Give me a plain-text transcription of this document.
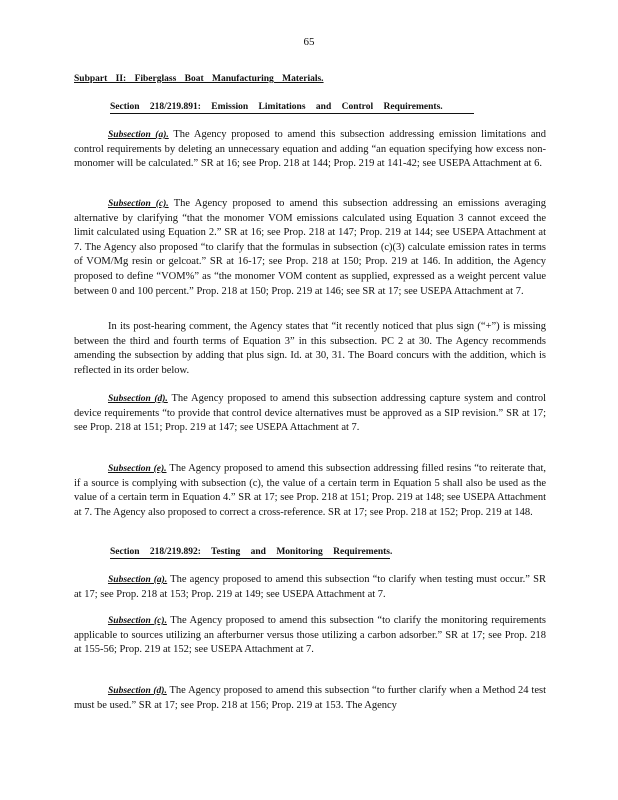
65
Subpart II: Fiberglass Boat Manufacturing Materials.
Section 218/219.891: Emission Limitations and Control Requirements.
Subsection (a). The Agency proposed to amend this subsection addressing emission limitations and control requirements by deleting an unnecessary equation and adding “an equation specifying how excess non-monomer will be calculated.” SR at 16; see Prop. 218 at 144; Prop. 219 at 141-42; see USEPA Attachment at 6.
Subsection (c). The Agency proposed to amend this subsection addressing an emissions averaging alternative by clarifying “that the monomer VOM emissions calculated using Equation 3 cannot exceed the limit calculated using Equation 2.” SR at 16; see Prop. 218 at 147; Prop. 219 at 144; see USEPA Attachment at 7. The Agency also proposed “to clarify that the formulas in subsection (c)(3) calculate emission rates in terms of VOM/Mg resin or gelcoat.” SR at 16-17; see Prop. 218 at 150; Prop. 219 at 146. In addition, the Agency proposed to define “VOM%” as “the monomer VOM content as supplied, expressed as a weight percent value between 0 and 100 percent.” Prop. 218 at 150; Prop. 219 at 146; see SR at 17; see USEPA Attachment at 7.
In its post-hearing comment, the Agency states that “it recently noticed that plus sign (“+”) is missing between the third and fourth terms of Equation 3” in this subsection. PC 2 at 30. The Agency recommends amending the subsection by adding that plus sign. Id. at 30, 31. The Board concurs with the addition, which is reflected in its order below.
Subsection (d). The Agency proposed to amend this subsection addressing capture system and control device requirements “to provide that control device alternatives must be approved as a SIP revision.” SR at 17; see Prop. 218 at 151; Prop. 219 at 147; see USEPA Attachment at 7.
Subsection (e). The Agency proposed to amend this subsection addressing filled resins “to reiterate that, if a source is complying with subsection (c), the value of a certain term in Equation 5 shall also be used as the value of a certain term in Equation 4.” SR at 17; see Prop. 218 at 151; Prop. 219 at 148; see USEPA Attachment at 7. The Agency also proposed to correct a cross-reference. SR at 17; see Prop. 218 at 152; Prop. 219 at 148.
Section 218/219.892: Testing and Monitoring Requirements.
Subsection (a). The agency proposed to amend this subsection “to clarify when testing must occur.” SR at 17; see Prop. 218 at 153; Prop. 219 at 149; see USEPA Attachment at 7.
Subsection (c). The Agency proposed to amend this subsection “to clarify the monitoring requirements applicable to sources utilizing an afterburner versus those utilizing a carbon adsorber.” SR at 17; see Prop. 218 at 155-56; Prop. 219 at 152; see USEPA Attachment at 7.
Subsection (d). The Agency proposed to amend this subsection “to further clarify when a Method 24 test must be used.” SR at 17; see Prop. 218 at 156; Prop. 219 at 153. The Agency
